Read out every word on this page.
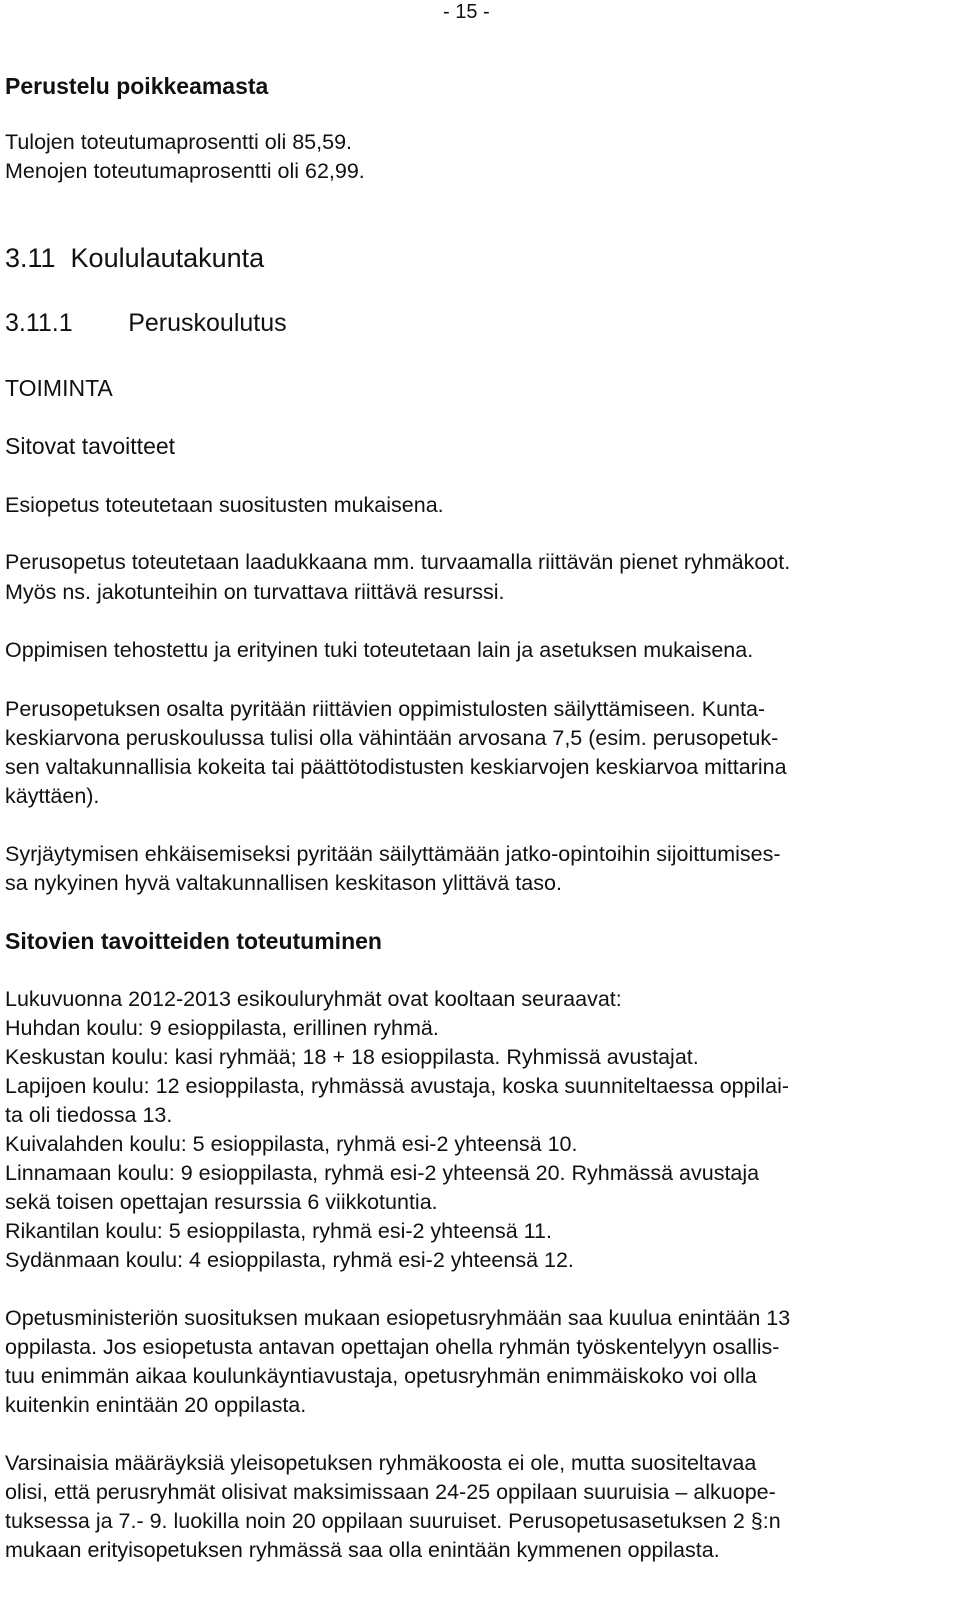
- 15 -
Perustelu poikkeamasta
Tulojen toteutumaprosentti oli 85,59.
Menojen toteutumaprosentti oli 62,99.
3.11  Koululautakunta
3.11.1        Peruskoulutus
TOIMINTA
Sitovat tavoitteet
Esiopetus toteutetaan suositusten mukaisena.
Perusopetus toteutetaan laadukkaana mm. turvaamalla riittävän pienet ryhmäkoot.
Myös ns. jakotunteihin on turvattava riittävä resurssi.
Oppimisen tehostettu ja erityinen tuki toteutetaan lain ja asetuksen mukaisena.
Perusopetuksen osalta pyritään riittävien oppimistulosten säilyttämiseen. Kunta-
keskiarvona peruskoulussa tulisi olla vähintään arvosana 7,5 (esim. perusopetuk-
sen valtakunnallisia kokeita tai päättötodistusten keskiarvojen keskiarvoa mittarina
käyttäen).
Syrjäytymisen ehkäisemiseksi pyritään säilyttämään jatko-opintoihin sijoittumises-
sa nykyinen hyvä valtakunnallisen keskitason ylittävä taso.
Sitovien tavoitteiden toteutuminen
Lukuvuonna 2012-2013 esikouluryhmät ovat kooltaan seuraavat:
Huhdan koulu: 9 esioppilasta, erillinen ryhmä.
Keskustan koulu: kasi ryhmää; 18 + 18 esioppilasta. Ryhmissä avustajat.
Lapijoen koulu: 12 esioppilasta, ryhmässä avustaja, koska suunniteltaessa oppilai-
ta oli tiedossa 13.
Kuivalahden koulu: 5 esioppilasta, ryhmä esi-2 yhteensä 10.
Linnamaan koulu: 9 esioppilasta, ryhmä esi-2 yhteensä 20. Ryhmässä avustaja
sekä toisen opettajan resurssia 6 viikkotuntia.
Rikantilan koulu: 5 esioppilasta, ryhmä esi-2 yhteensä 11.
Sydänmaan koulu: 4 esioppilasta, ryhmä esi-2 yhteensä 12.
Opetusministeriön suosituksen mukaan esiopetusryhmään saa kuulua enintään 13
oppilasta. Jos esiopetusta antavan opettajan ohella ryhmän työskentelyyn osallis-
tuu enimmän aikaa koulunkäyntiavustaja, opetusryhmän enimmäiskoko voi olla
kuitenkin enintään 20 oppilasta.
Varsinaisia määräyksiä yleisopetuksen ryhmäkoosta ei ole, mutta suositeltavaa
olisi, että perusryhmät olisivat maksimissaan 24-25 oppilaan suuruisia – alkuope-
tuksessa ja 7.- 9. luokilla noin 20 oppilaan suuruiset. Perusopetusasetuksen 2 §:n
mukaan erityisopetuksen ryhmässä saa olla enintään kymmenen oppilasta.
